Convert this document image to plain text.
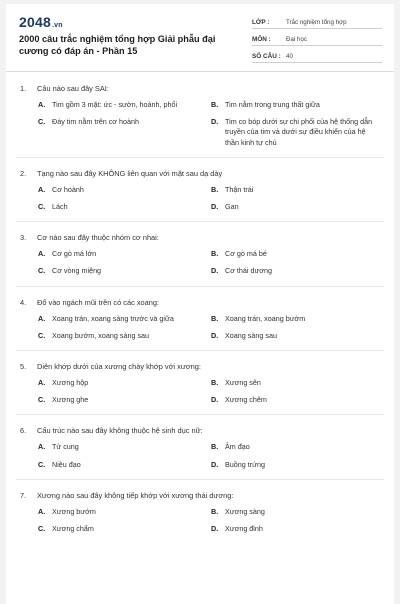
2048.vn
2000 câu trắc nghiệm tổng hợp Giải phẫu đại cương có đáp án - Phần 15
LỚP :	Trắc nghiệm tổng hợp
MÔN :	Đại học
SỐ CÂU : 40
1.	Câu nào sau đây SAI:
A. Tim gồm 3 mặt: ức - sườn, hoành, phổi	B. Tim nằm trong trung thất giữa
C. Đáy tim nằm trên cơ hoành	D. Tim co bóp dưới sự chi phối của hệ thống dẫn truyền của tim và dưới sự điều khiển của hệ thần kinh tự chủ
2.	Tạng nào sau đây KHÔNG liên quan với mặt sau dạ dày
A. Cơ hoành	B. Thận trái
C. Lách	D. Gan
3.	Cơ nào sau đây thuộc nhóm cơ nhai:
A. Cơ gò má lớn	B. Cơ gò má bé
C. Cơ vòng miệng	D. Cơ thái dương
4.	Đổ vào ngách mũi trên có các xoang:
A. Xoang trán, xoang sàng trước và giữa	B. Xoang trán, xoang bướm
C. Xoang bướm, xoang sàng sau	D. Xoang sàng sau
5.	Diện khớp dưới của xương chày khớp với xương:
A. Xương hộp	B. Xương sên
C. Xương ghe	D. Xương chêm
6.	Cấu trúc nào sau đây không thuộc hệ sinh dục nữ:
A. Tử cung	B. Âm đạo
C. Niệu đạo	D. Buồng trứng
7.	Xương nào sau đây không tiếp khớp với xương thái dương:
A. Xương bướm	B. Xương sàng
C. Xương chẩm	D. Xương đỉnh
